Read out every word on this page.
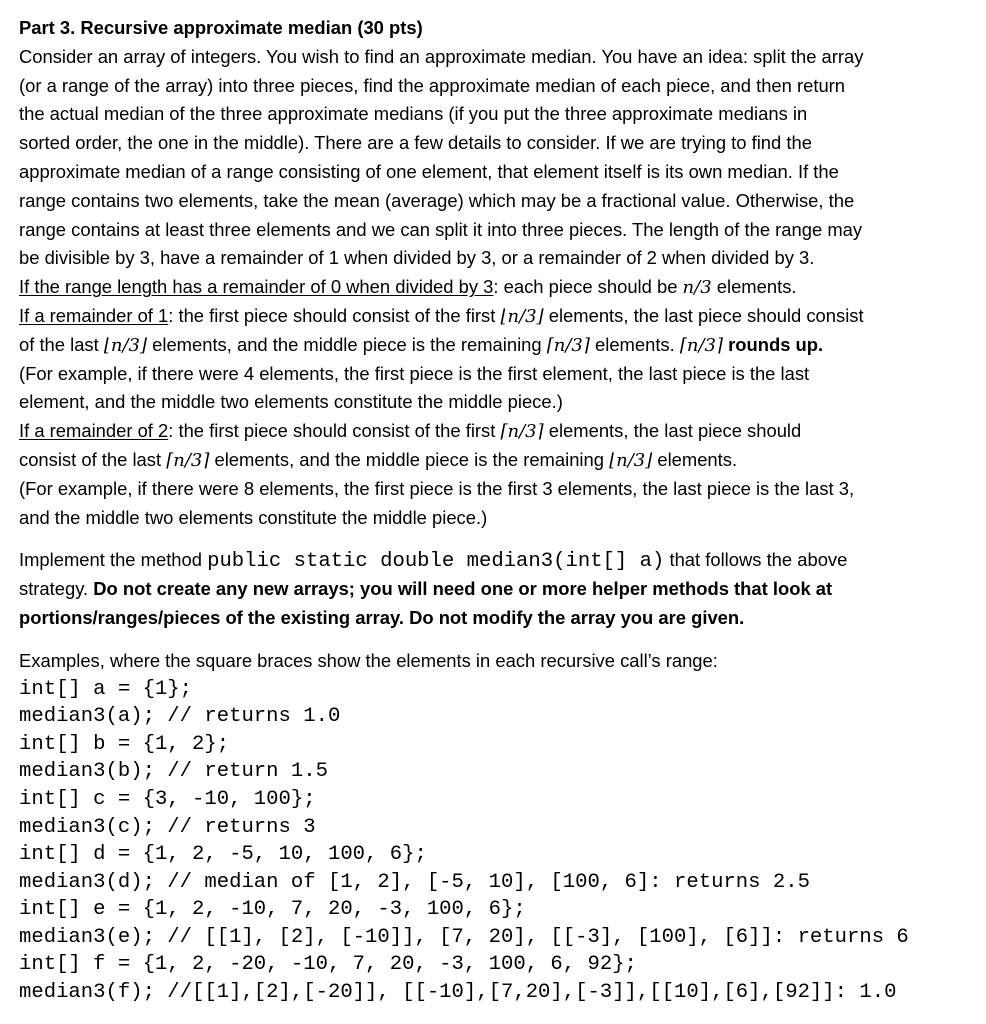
Part 3. Recursive approximate median (30 pts)
Consider an array of integers. You wish to find an approximate median. You have an idea: split the array
(or a range of the array) into three pieces, find the approximate median of each piece, and then return
the actual median of the three approximate medians (if you put the three approximate medians in
sorted order, the one in the middle). There are a few details to consider. If we are trying to find the
approximate median of a range consisting of one element, that element itself is its own median. If the
range contains two elements, take the mean (average) which may be a fractional value. Otherwise, the
range contains at least three elements and we can split it into three pieces. The length of the range may
be divisible by 3, have a remainder of 1 when divided by 3, or a remainder of 2 when divided by 3.
If the range length has a remainder of 0 when divided by 3: each piece should be n/3 elements.
If a remainder of 1: the first piece should consist of the first ⌊n/3⌋ elements, the last piece should consist
of the last ⌊n/3⌋ elements, and the middle piece is the remaining ⌈n/3⌉ elements. ⌈n/3⌉ rounds up.
(For example, if there were 4 elements, the first piece is the first element, the last piece is the last
element, and the middle two elements constitute the middle piece.)
If a remainder of 2: the first piece should consist of the first ⌈n/3⌉ elements, the last piece should
consist of the last ⌈n/3⌉ elements, and the middle piece is the remaining ⌊n/3⌋ elements.
(For example, if there were 8 elements, the first piece is the first 3 elements, the last piece is the last 3,
and the middle two elements constitute the middle piece.)
Implement the method public static double median3(int[] a) that follows the above
strategy. Do not create any new arrays; you will need one or more helper methods that look at
portions/ranges/pieces of the existing array. Do not modify the array you are given.
Examples, where the square braces show the elements in each recursive call’s range:
int[] a = {1};
median3(a); // returns 1.0
int[] b = {1, 2};
median3(b); // return 1.5
int[] c = {3, -10, 100};
median3(c); // returns 3
int[] d = {1, 2, -5, 10, 100, 6};
median3(d); // median of [1, 2], [-5, 10], [100, 6]: returns 2.5
int[] e = {1, 2, -10, 7, 20, -3, 100, 6};
median3(e); // [[1], [2], [-10]], [7, 20], [[-3], [100], [6]]: returns 6
int[] f = {1, 2, -20, -10, 7, 20, -3, 100, 6, 92};
median3(f); //[[1],[2],[-20]], [[-10],[7,20],[-3]],[[10],[6],[92]]: 1.0
